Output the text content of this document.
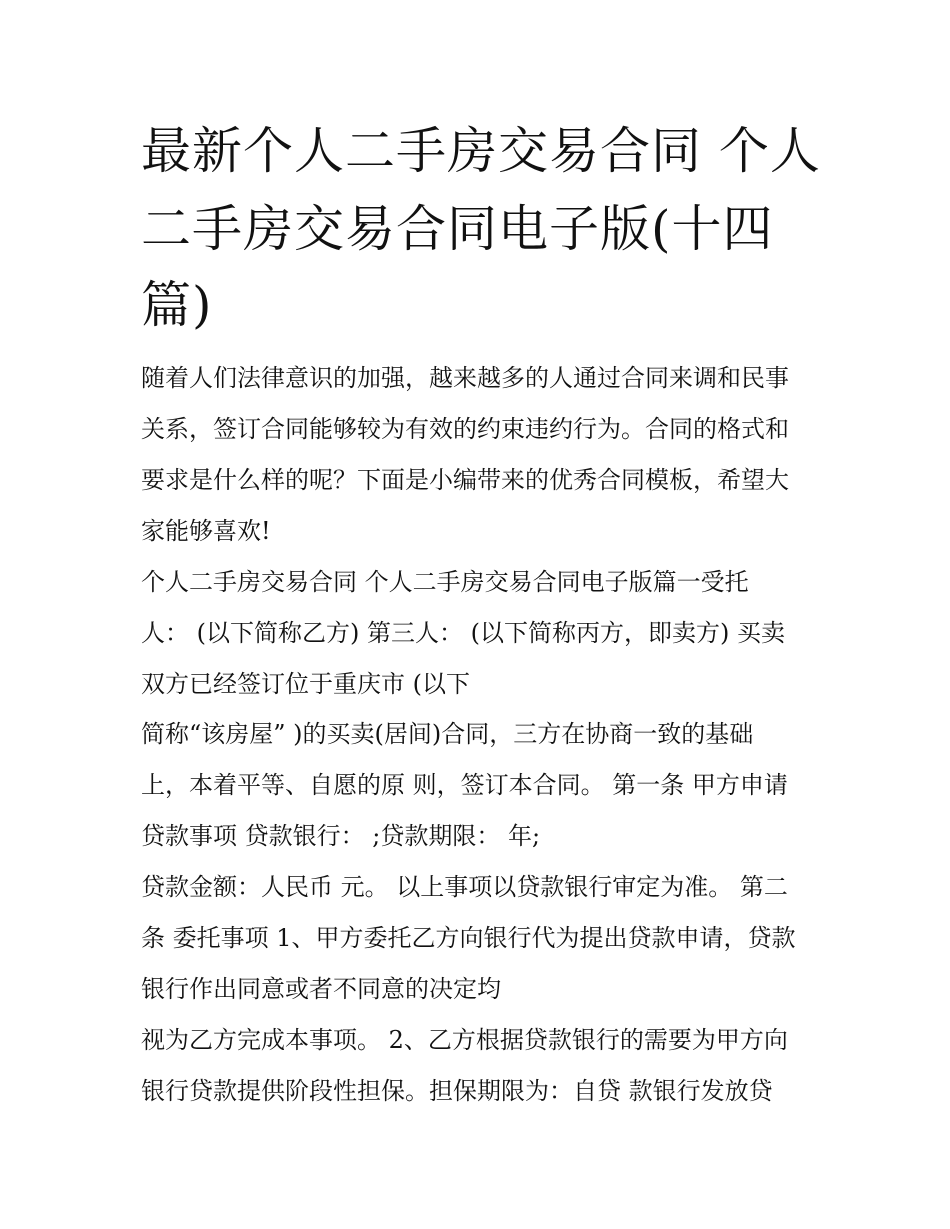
最新个人二手房交易合同 个人
二手房交易合同电子版(十四
篇)

随着人们法律意识的加强，越来越多的人通过合同来调和民事

关系，签订合同能够较为有效的约束违约行为。合同的格式和

要求是什么样的呢？下面是小编带来的优秀合同模板，希望大

家能够喜欢!

个人二手房交易合同 个人二手房交易合同电子版篇一受托

人： (以下简称乙方) 第三人： (以下简称丙方，即卖方) 买卖

双方已经签订位于重庆市 (以下

简称“该房屋” )的买卖(居间)合同，三方在协商一致的基础

上，本着平等、自愿的原 则，签订本合同。 第一条 甲方申请

贷款事项 贷款银行： ;贷款期限： 年;

贷款金额：人民币 元。 以上事项以贷款银行审定为准。 第二

条 委托事项 1、甲方委托乙方向银行代为提出贷款申请，贷款

银行作出同意或者不同意的决定均

视为乙方完成本事项。 2、乙方根据贷款银行的需要为甲方向

银行贷款提供阶段性担保。担保期限为：自贷 款银行发放贷
